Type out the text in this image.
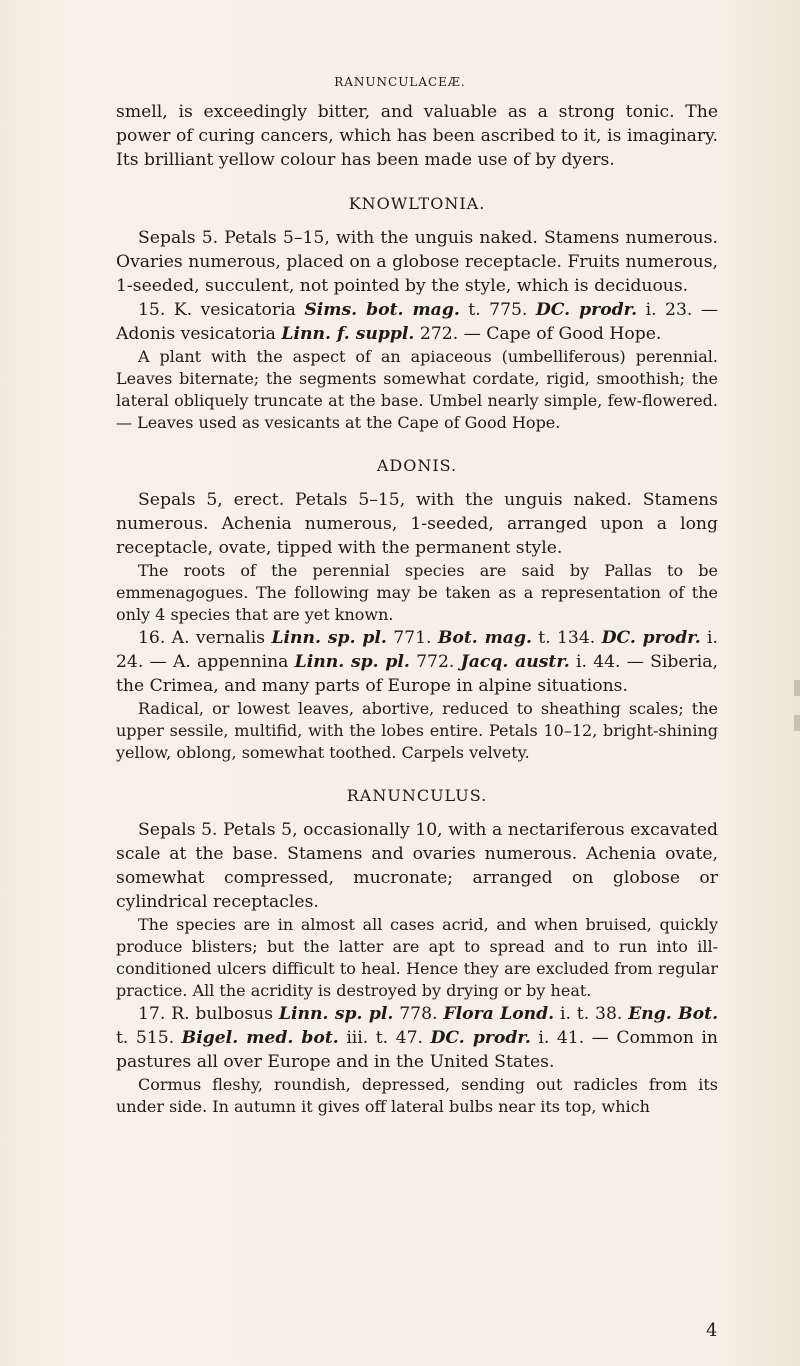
RANUNCULACEÆ.

smell, is exceedingly bitter, and valuable as a strong tonic. The power of curing cancers, which has been ascribed to it, is imaginary. Its brilliant yellow colour has been made use of by dyers.

KNOWLTONIA.

Sepals 5. Petals 5–15, with the unguis naked. Stamens numerous. Ovaries numerous, placed on a globose receptacle. Fruits numerous, 1-seeded, succulent, not pointed by the style, which is deciduous.

15. K. vesicatoria Sims. bot. mag. t. 775. DC. prodr. i. 23. — Adonis vesicatoria Linn. f. suppl. 272. — Cape of Good Hope.

A plant with the aspect of an apiaceous (umbelliferous) perennial. Leaves biternate; the segments somewhat cordate, rigid, smoothish; the lateral obliquely truncate at the base. Umbel nearly simple, few-flowered. — Leaves used as vesicants at the Cape of Good Hope.

ADONIS.

Sepals 5, erect. Petals 5–15, with the unguis naked. Stamens numerous. Achenia numerous, 1-seeded, arranged upon a long receptacle, ovate, tipped with the permanent style.

The roots of the perennial species are said by Pallas to be emmenagogues. The following may be taken as a representation of the only 4 species that are yet known.

16. A. vernalis Linn. sp. pl. 771. Bot. mag. t. 134. DC. prodr. i. 24. — A. appennina Linn. sp. pl. 772. Jacq. austr. i. 44. — Siberia, the Crimea, and many parts of Europe in alpine situations.

Radical, or lowest leaves, abortive, reduced to sheathing scales; the upper sessile, multifid, with the lobes entire. Petals 10–12, bright-shining yellow, oblong, somewhat toothed. Carpels velvety.

RANUNCULUS.

Sepals 5. Petals 5, occasionally 10, with a nectariferous excavated scale at the base. Stamens and ovaries numerous. Achenia ovate, somewhat compressed, mucronate; arranged on globose or cylindrical receptacles.

The species are in almost all cases acrid, and when bruised, quickly produce blisters; but the latter are apt to spread and to run into ill-conditioned ulcers difficult to heal. Hence they are excluded from regular practice. All the acridity is destroyed by drying or by heat.

17. R. bulbosus Linn. sp. pl. 778. Flora Lond. i. t. 38. Eng. Bot. t. 515. Bigel. med. bot. iii. t. 47. DC. prodr. i. 41. — Common in pastures all over Europe and in the United States.

Cormus fleshy, roundish, depressed, sending out radicles from its under side. In autumn it gives off lateral bulbs near its top, which

4
